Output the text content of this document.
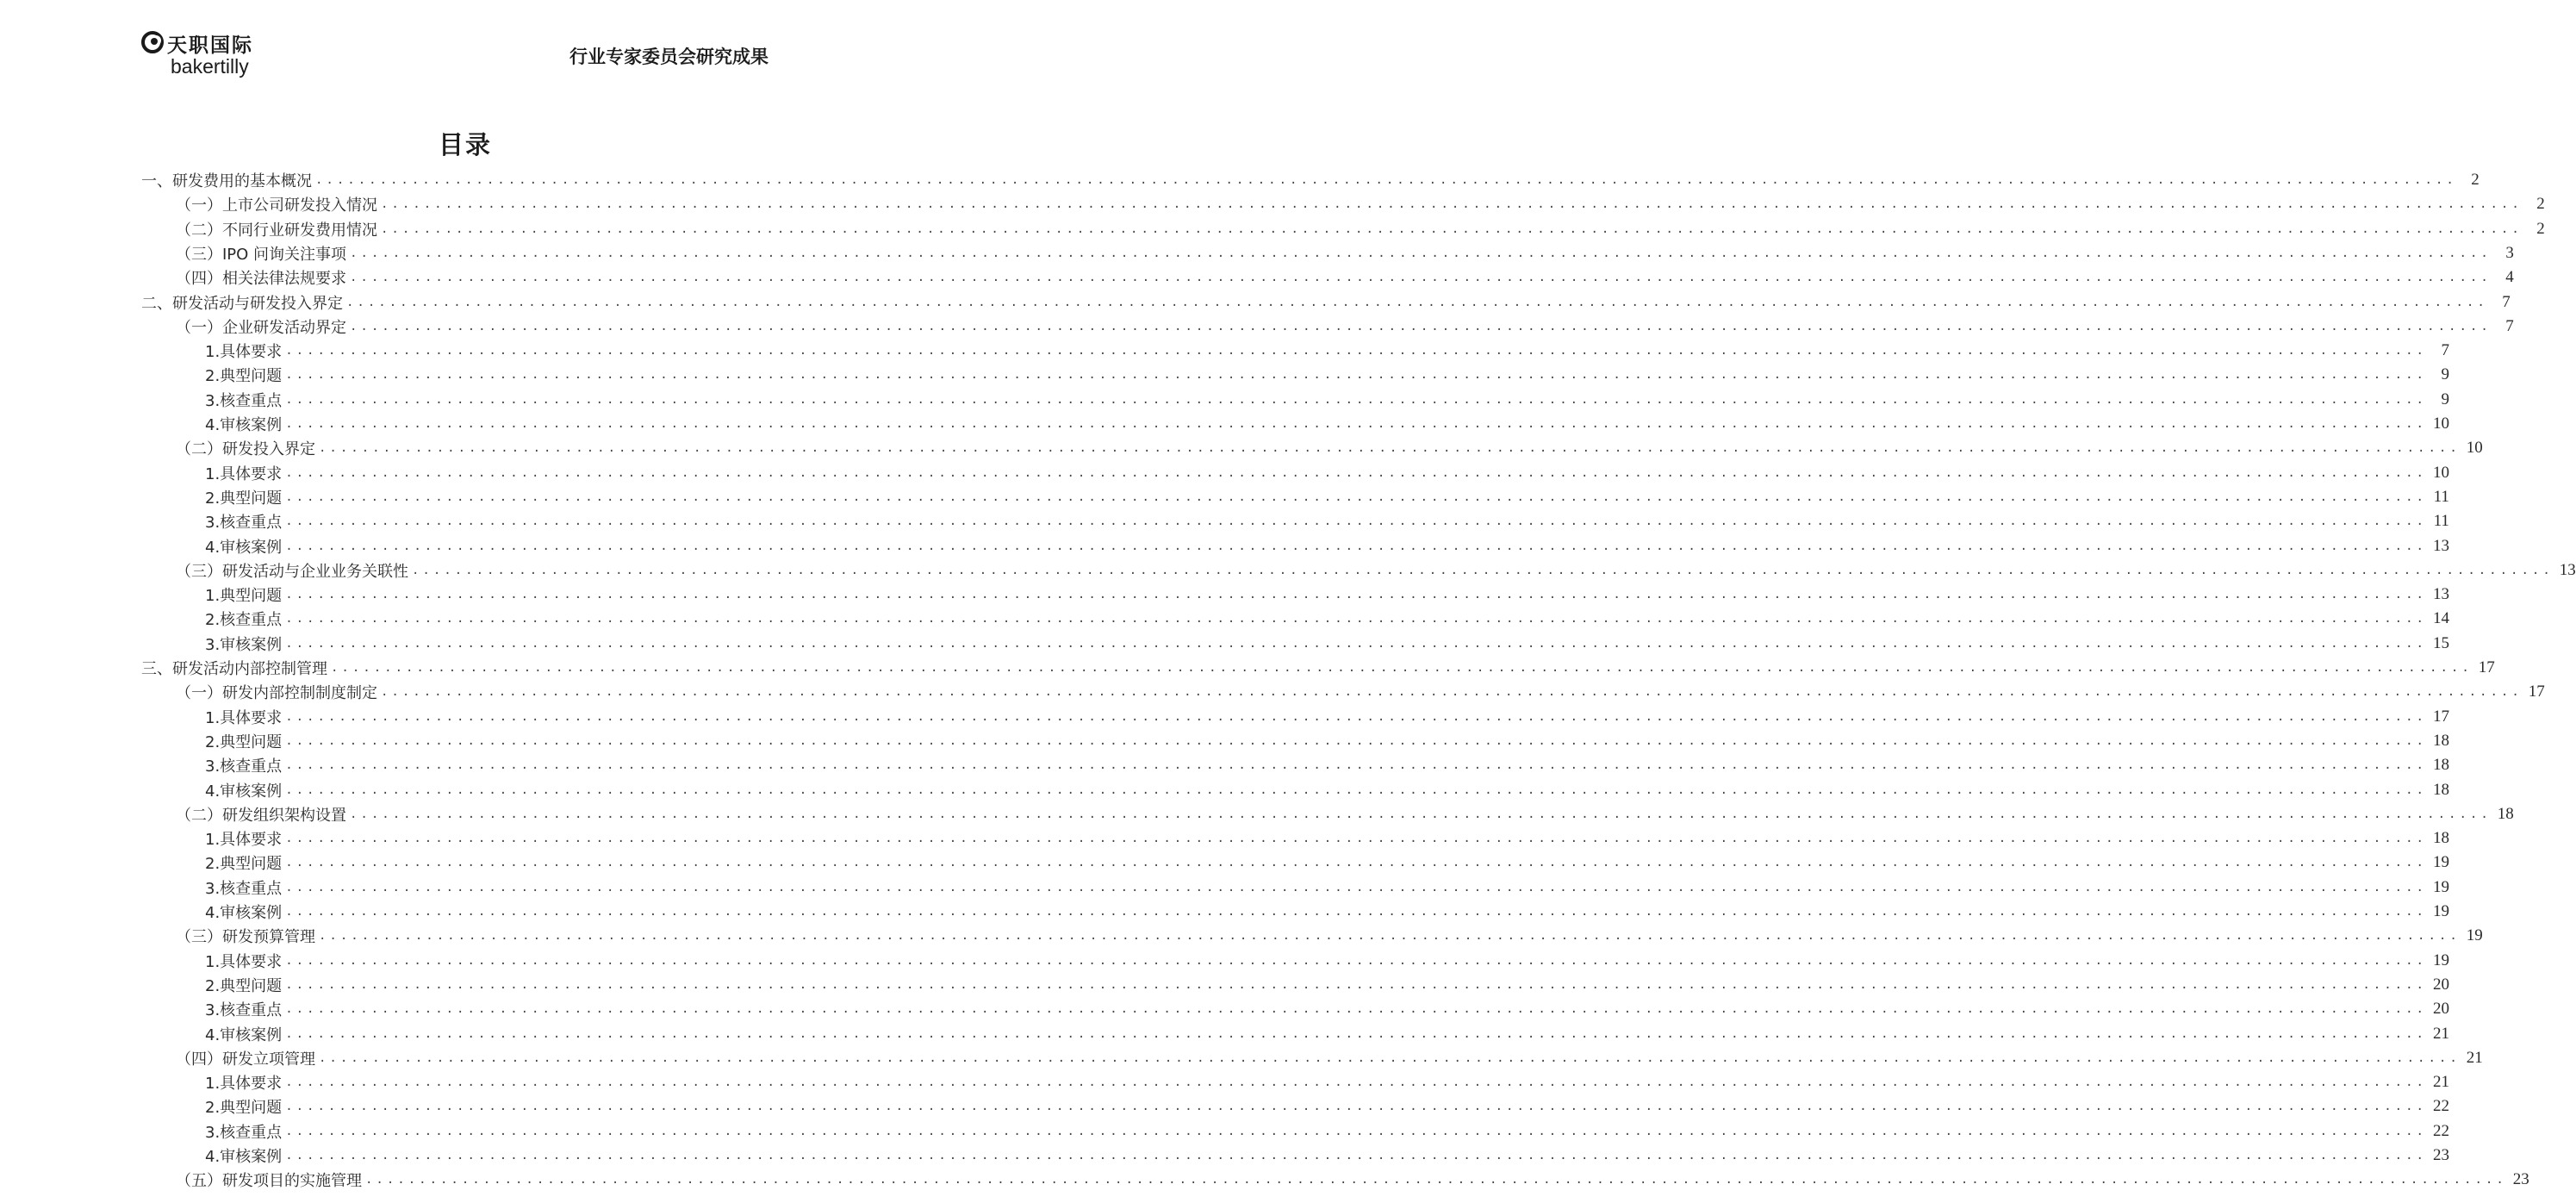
天职国际
bakertilly	行业专家委员会研究成果
目录
一、研发费用的基本概况 ........................................................................................................................................................................................................ 2
（一）上市公司研发投入情况 ........................................................................................................................................................................................................ 2
（二）不同行业研发费用情况 ........................................................................................................................................................................................................ 2
（三）IPO 问询关注事项 ........................................................................................................................................................................................................ 3
（四）相关法律法规要求 ........................................................................................................................................................................................................ 4
二、研发活动与研发投入界定 ........................................................................................................................................................................................................ 7
（一）企业研发活动界定 ........................................................................................................................................................................................................ 7
1.具体要求 ........................................................................................................................................................................................................ 7
2.典型问题 ........................................................................................................................................................................................................ 9
3.核查重点 ........................................................................................................................................................................................................ 9
4.审核案例 ........................................................................................................................................................................................................ 10
（二）研发投入界定 ........................................................................................................................................................................................................ 10
1.具体要求 ........................................................................................................................................................................................................ 10
2.典型问题 ........................................................................................................................................................................................................ 11
3.核查重点 ........................................................................................................................................................................................................ 11
4.审核案例 ........................................................................................................................................................................................................ 13
（三）研发活动与企业业务关联性 ........................................................................................................................................................................................................ 13
1.典型问题 ........................................................................................................................................................................................................ 13
2.核查重点 ........................................................................................................................................................................................................ 14
3.审核案例 ........................................................................................................................................................................................................ 15
三、研发活动内部控制管理 ........................................................................................................................................................................................................ 17
（一）研发内部控制制度制定 ........................................................................................................................................................................................................ 17
1.具体要求 ........................................................................................................................................................................................................ 17
2.典型问题 ........................................................................................................................................................................................................ 18
3.核查重点 ........................................................................................................................................................................................................ 18
4.审核案例 ........................................................................................................................................................................................................ 18
（二）研发组织架构设置 ........................................................................................................................................................................................................ 18
1.具体要求 ........................................................................................................................................................................................................ 18
2.典型问题 ........................................................................................................................................................................................................ 19
3.核查重点 ........................................................................................................................................................................................................ 19
4.审核案例 ........................................................................................................................................................................................................ 19
（三）研发预算管理 ........................................................................................................................................................................................................ 19
1.具体要求 ........................................................................................................................................................................................................ 19
2.典型问题 ........................................................................................................................................................................................................ 20
3.核查重点 ........................................................................................................................................................................................................ 20
4.审核案例 ........................................................................................................................................................................................................ 21
（四）研发立项管理 ........................................................................................................................................................................................................ 21
1.具体要求 ........................................................................................................................................................................................................ 21
2.典型问题 ........................................................................................................................................................................................................ 22
3.核查重点 ........................................................................................................................................................................................................ 22
4.审核案例 ........................................................................................................................................................................................................ 23
（五）研发项目的实施管理 ........................................................................................................................................................................................................ 23
